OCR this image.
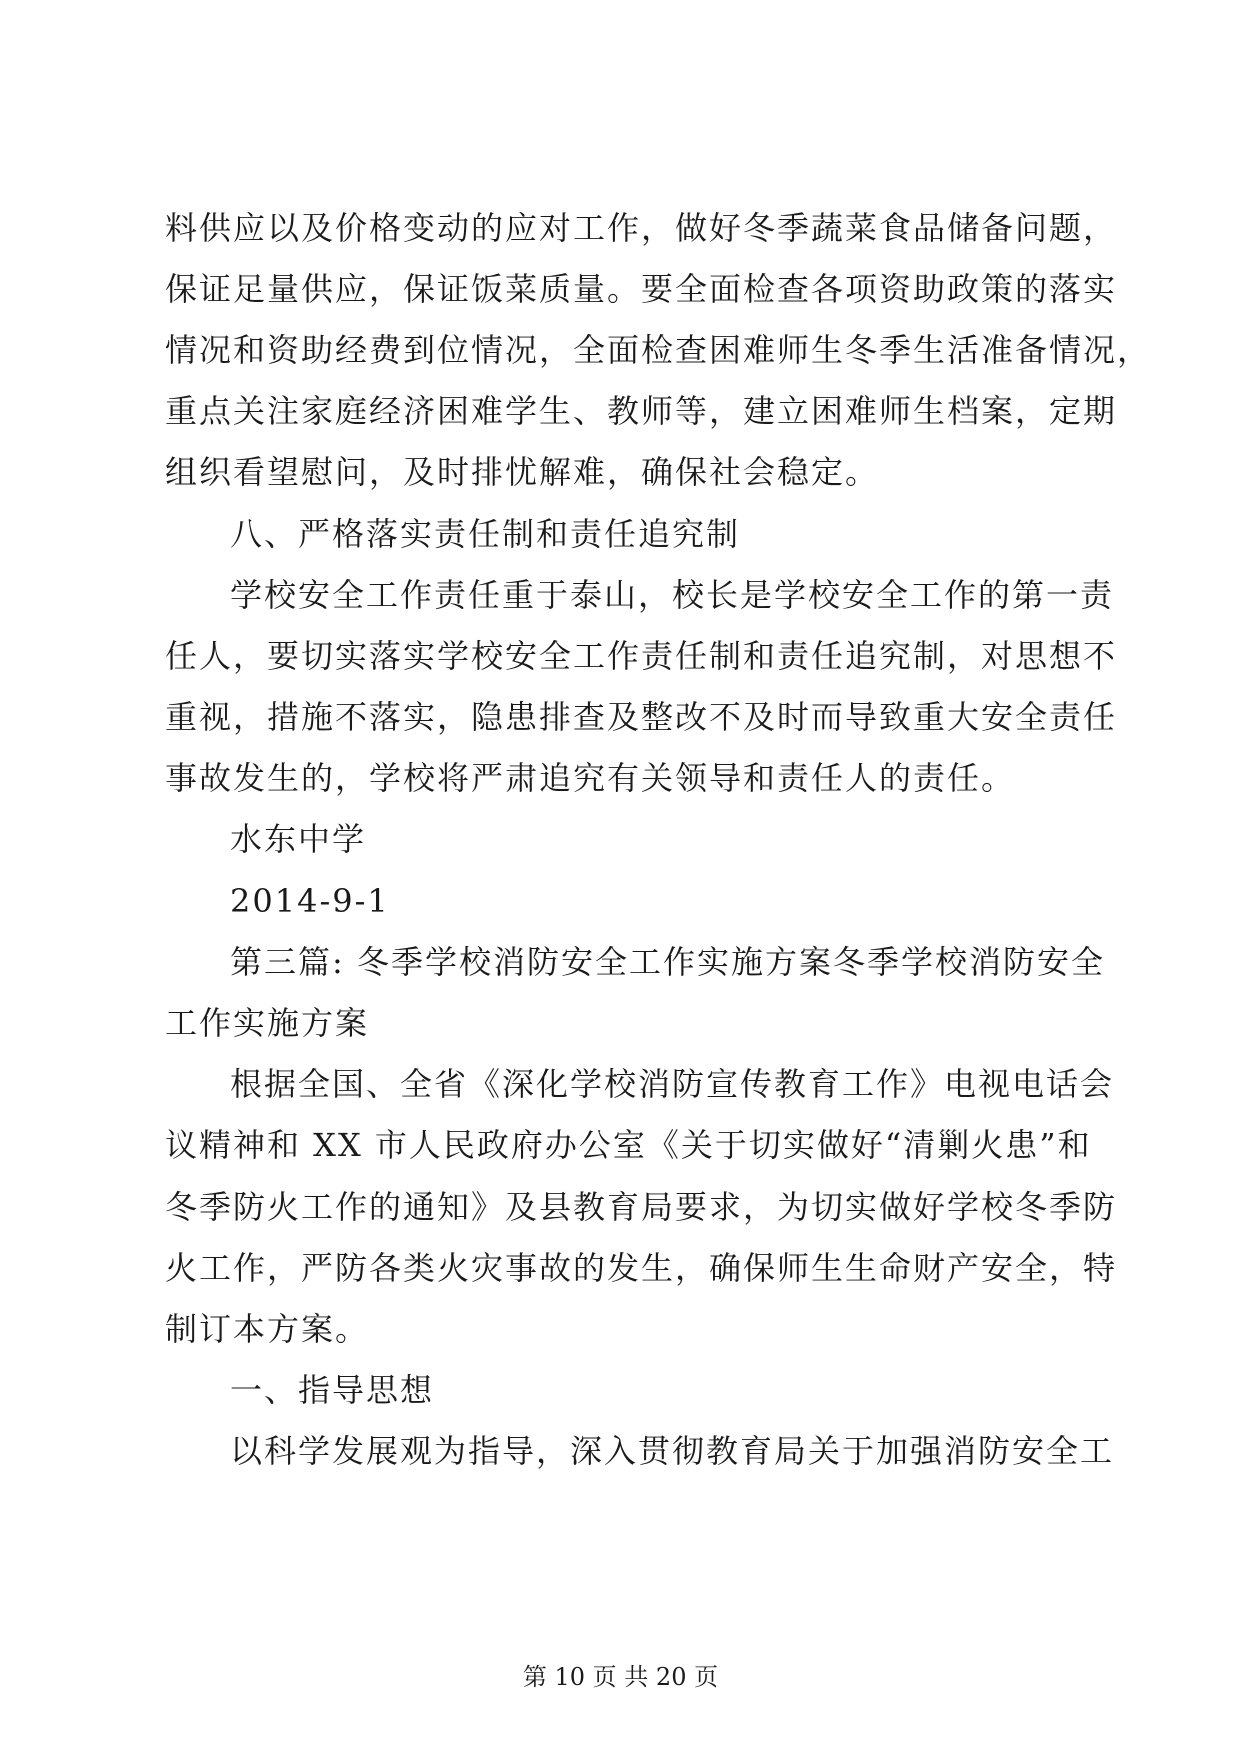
料供应以及价格变动的应对工作，做好冬季蔬菜食品储备问题，
保证足量供应，保证饭菜质量。要全面检查各项资助政策的落实
情况和资助经费到位情况，全面检查困难师生冬季生活准备情况，
重点关注家庭经济困难学生、教师等，建立困难师生档案，定期
组织看望慰问，及时排忧解难，确保社会稳定。
八、严格落实责任制和责任追究制
学校安全工作责任重于泰山，校长是学校安全工作的第一责
任人，要切实落实学校安全工作责任制和责任追究制，对思想不
重视，措施不落实，隐患排查及整改不及时而导致重大安全责任
事故发生的，学校将严肃追究有关领导和责任人的责任。
水东中学
2014-9-1
第三篇: 冬季学校消防安全工作实施方案冬季学校消防安全
工作实施方案
根据全国、全省《深化学校消防宣传教育工作》电视电话会
议精神和 XX 市人民政府办公室《关于切实做好“清剿火患”和
冬季防火工作的通知》及县教育局要求，为切实做好学校冬季防
火工作，严防各类火灾事故的发生，确保师生生命财产安全，特
制订本方案。
一、指导思想
以科学发展观为指导，深入贯彻教育局关于加强消防安全工
第 10 页 共 20 页
